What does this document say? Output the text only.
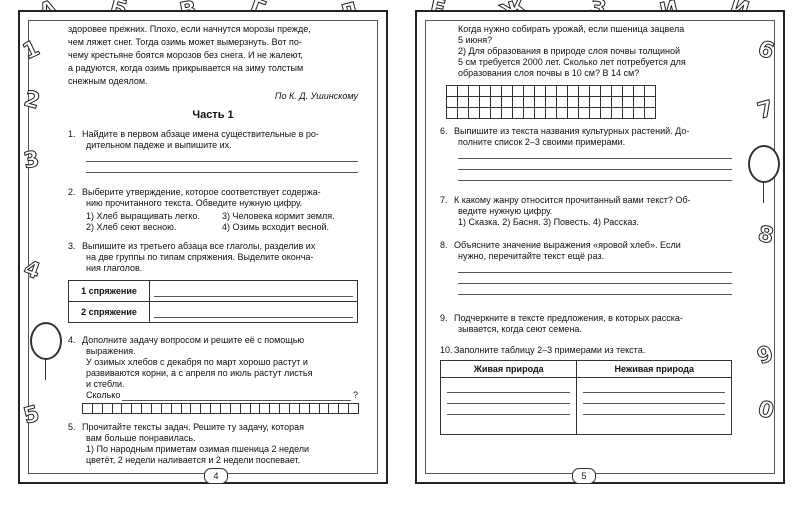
1
2
3
4
5
6
7
8
9
0

здоровее прежних. Плохо, если начнутся морозы прежде,

чем ляжет снег. Тогда озимь может вымерзнуть. Вот по-

чему крестьяне боятся морозов без снега. И не жалеют,

а радуются, когда озимь прикрывается на зиму толстым

снежным одеялом.

По К. Д. Ушинскому
Часть 1
1. Найдите в первом абзаце имена существительные в ро-
дительном падеже и выпишите их.
2. Выберите утверждение, которое соответствует содержа-
нию прочитанного текста. Обведите нужную цифру.
1) Хлеб выращивать легко.	3) Человека кормит земля.
2) Хлеб сеют весною.	4) Озимь всходит весной.
3. Выпишите из третьего абзаца все глаголы, разделив их
на две группы по типам спряжения. Выделите оконча-
ния глаголов.
1 спряжение	

2 спряжение	
4. Дополните задачу вопросом и решите её с помощью
выражения.
У озимых хлебов с декабря по март хорошо растут и
развиваются корни, а с апреля по июль растут листья
и стебли.
Сколько	?
5. Прочитайте тексты задач. Решите ту задачу, которая
вам больше понравилась.
1) По народным приметам озимая пшеница 2 недели
цветёт, 2 недели наливается и 2 недели поспевает.
Когда нужно собирать урожай, если пшеница зацвела
5 июня?
2) Для образования в природе слоя почвы толщиной
5 см требуется 2000 лет. Сколько лет потребуется для
образования слоя почвы в 10 см? В 14 см?
6. Выпишите из текста названия культурных растений. До-
полните список 2–3 своими примерами.
7. К какому жанру относится прочитанный вами текст? Об-
ведите нужную цифру.
1) Сказка. 2) Басня. 3) Повесть. 4) Рассказ.
8. Объясните значение выражения «яровой хлеб». Если
нужно, перечитайте текст ещё раз.
9. Подчеркните в тексте предложения, в которых расска-
зывается, когда сеют семена.
10.Заполните таблицу 2–3 примерами из текста.
Живая природа	Неживая природа

4	5
